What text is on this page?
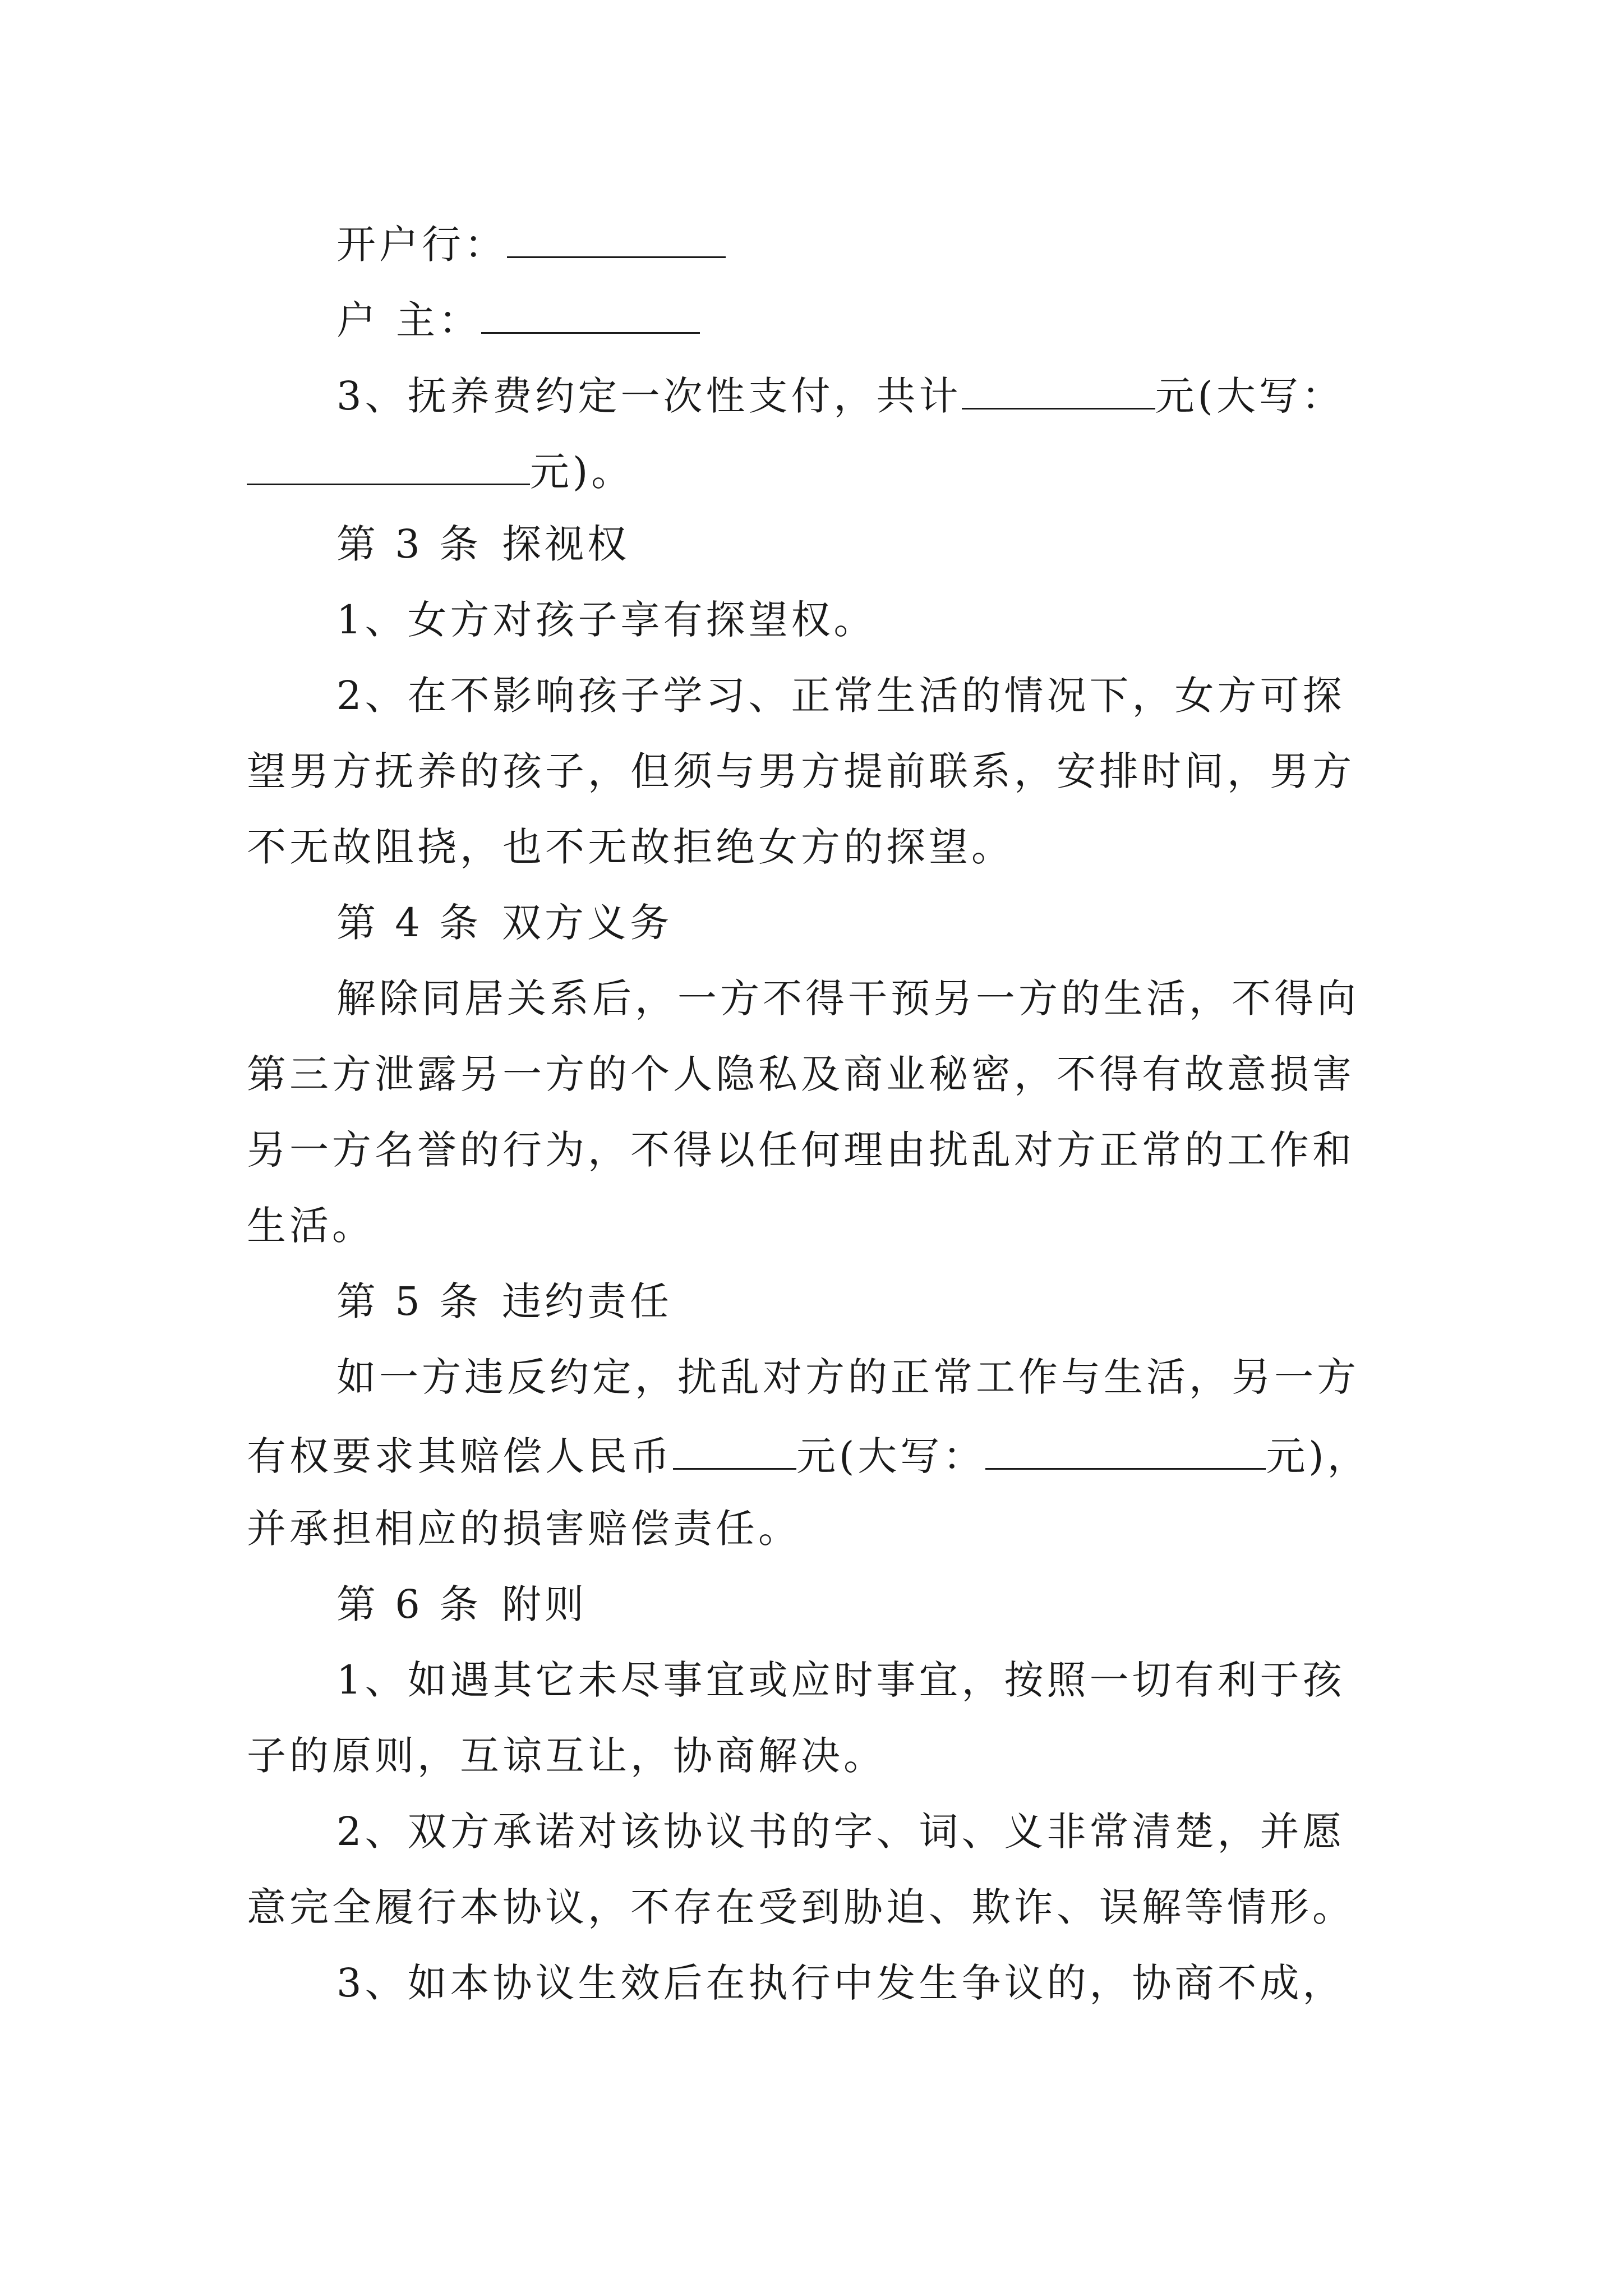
开户行：
户 主：
3、抚养费约定一次性支付，共计	元(大写：
元)。
第 3 条 探视权
1、女方对孩子享有探望权。
2、在不影响孩子学习、正常生活的情况下，女方可探
望男方抚养的孩子，但须与男方提前联系，安排时间，男方
不无故阻挠，也不无故拒绝女方的探望。
第 4 条 双方义务
解除同居关系后，一方不得干预另一方的生活，不得向
第三方泄露另一方的个人隐私及商业秘密，不得有故意损害
另一方名誉的行为，不得以任何理由扰乱对方正常的工作和
生活。
第 5 条 违约责任
如一方违反约定，扰乱对方的正常工作与生活，另一方
有权要求其赔偿人民币	元(大写：	元)，
并承担相应的损害赔偿责任。
第 6 条 附则
1、如遇其它未尽事宜或应时事宜，按照一切有利于孩
子的原则，互谅互让，协商解决。
2、双方承诺对该协议书的字、词、义非常清楚，并愿
意完全履行本协议，不存在受到胁迫、欺诈、误解等情形。
3、如本协议生效后在执行中发生争议的，协商不成，
